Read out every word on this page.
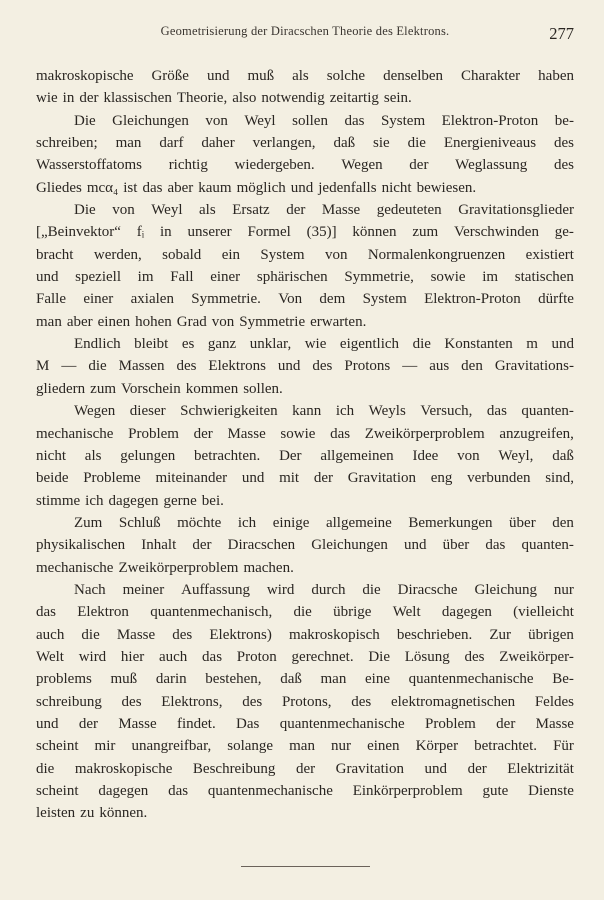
Geometrisierung der Diracschen Theorie des Elektrons.	277
makroskopische Größe und muß als solche denselben Charakter haben
wie in der klassischen Theorie, also notwendig zeitartig sein.
Die Gleichungen von Weyl sollen das System Elektron-Proton be-
schreiben; man darf daher verlangen, daß sie die Energieniveaus des
Wasserstoffatoms richtig wiedergeben. Wegen der Weglassung des
Gliedes mcα₄ ist das aber kaum möglich und jedenfalls nicht bewiesen.
Die von Weyl als Ersatz der Masse gedeuteten Gravitationsglieder
[„Beinvektor“ fᵢ in unserer Formel (35)] können zum Verschwinden ge-
bracht werden, sobald ein System von Normalenkongruenzen existiert
und speziell im Fall einer sphärischen Symmetrie, sowie im statischen
Falle einer axialen Symmetrie. Von dem System Elektron-Proton dürfte
man aber einen hohen Grad von Symmetrie erwarten.
Endlich bleibt es ganz unklar, wie eigentlich die Konstanten m und
M — die Massen des Elektrons und des Protons — aus den Gravitations-
gliedern zum Vorschein kommen sollen.
Wegen dieser Schwierigkeiten kann ich Weyls Versuch, das quanten-
mechanische Problem der Masse sowie das Zweikörperproblem anzugreifen,
nicht als gelungen betrachten. Der allgemeinen Idee von Weyl, daß
beide Probleme miteinander und mit der Gravitation eng verbunden sind,
stimme ich dagegen gerne bei.
Zum Schluß möchte ich einige allgemeine Bemerkungen über den
physikalischen Inhalt der Diracschen Gleichungen und über das quanten-
mechanische Zweikörperproblem machen.
Nach meiner Auffassung wird durch die Diracsche Gleichung nur
das Elektron quantenmechanisch, die übrige Welt dagegen (vielleicht
auch die Masse des Elektrons) makroskopisch beschrieben. Zur übrigen
Welt wird hier auch das Proton gerechnet. Die Lösung des Zweikörper-
problems muß darin bestehen, daß man eine quantenmechanische Be-
schreibung des Elektrons, des Protons, des elektromagnetischen Feldes
und der Masse findet. Das quantenmechanische Problem der Masse
scheint mir unangreifbar, solange man nur einen Körper betrachtet. Für
die makroskopische Beschreibung der Gravitation und der Elektrizität
scheint dagegen das quantenmechanische Einkörperproblem gute Dienste
leisten zu können.
